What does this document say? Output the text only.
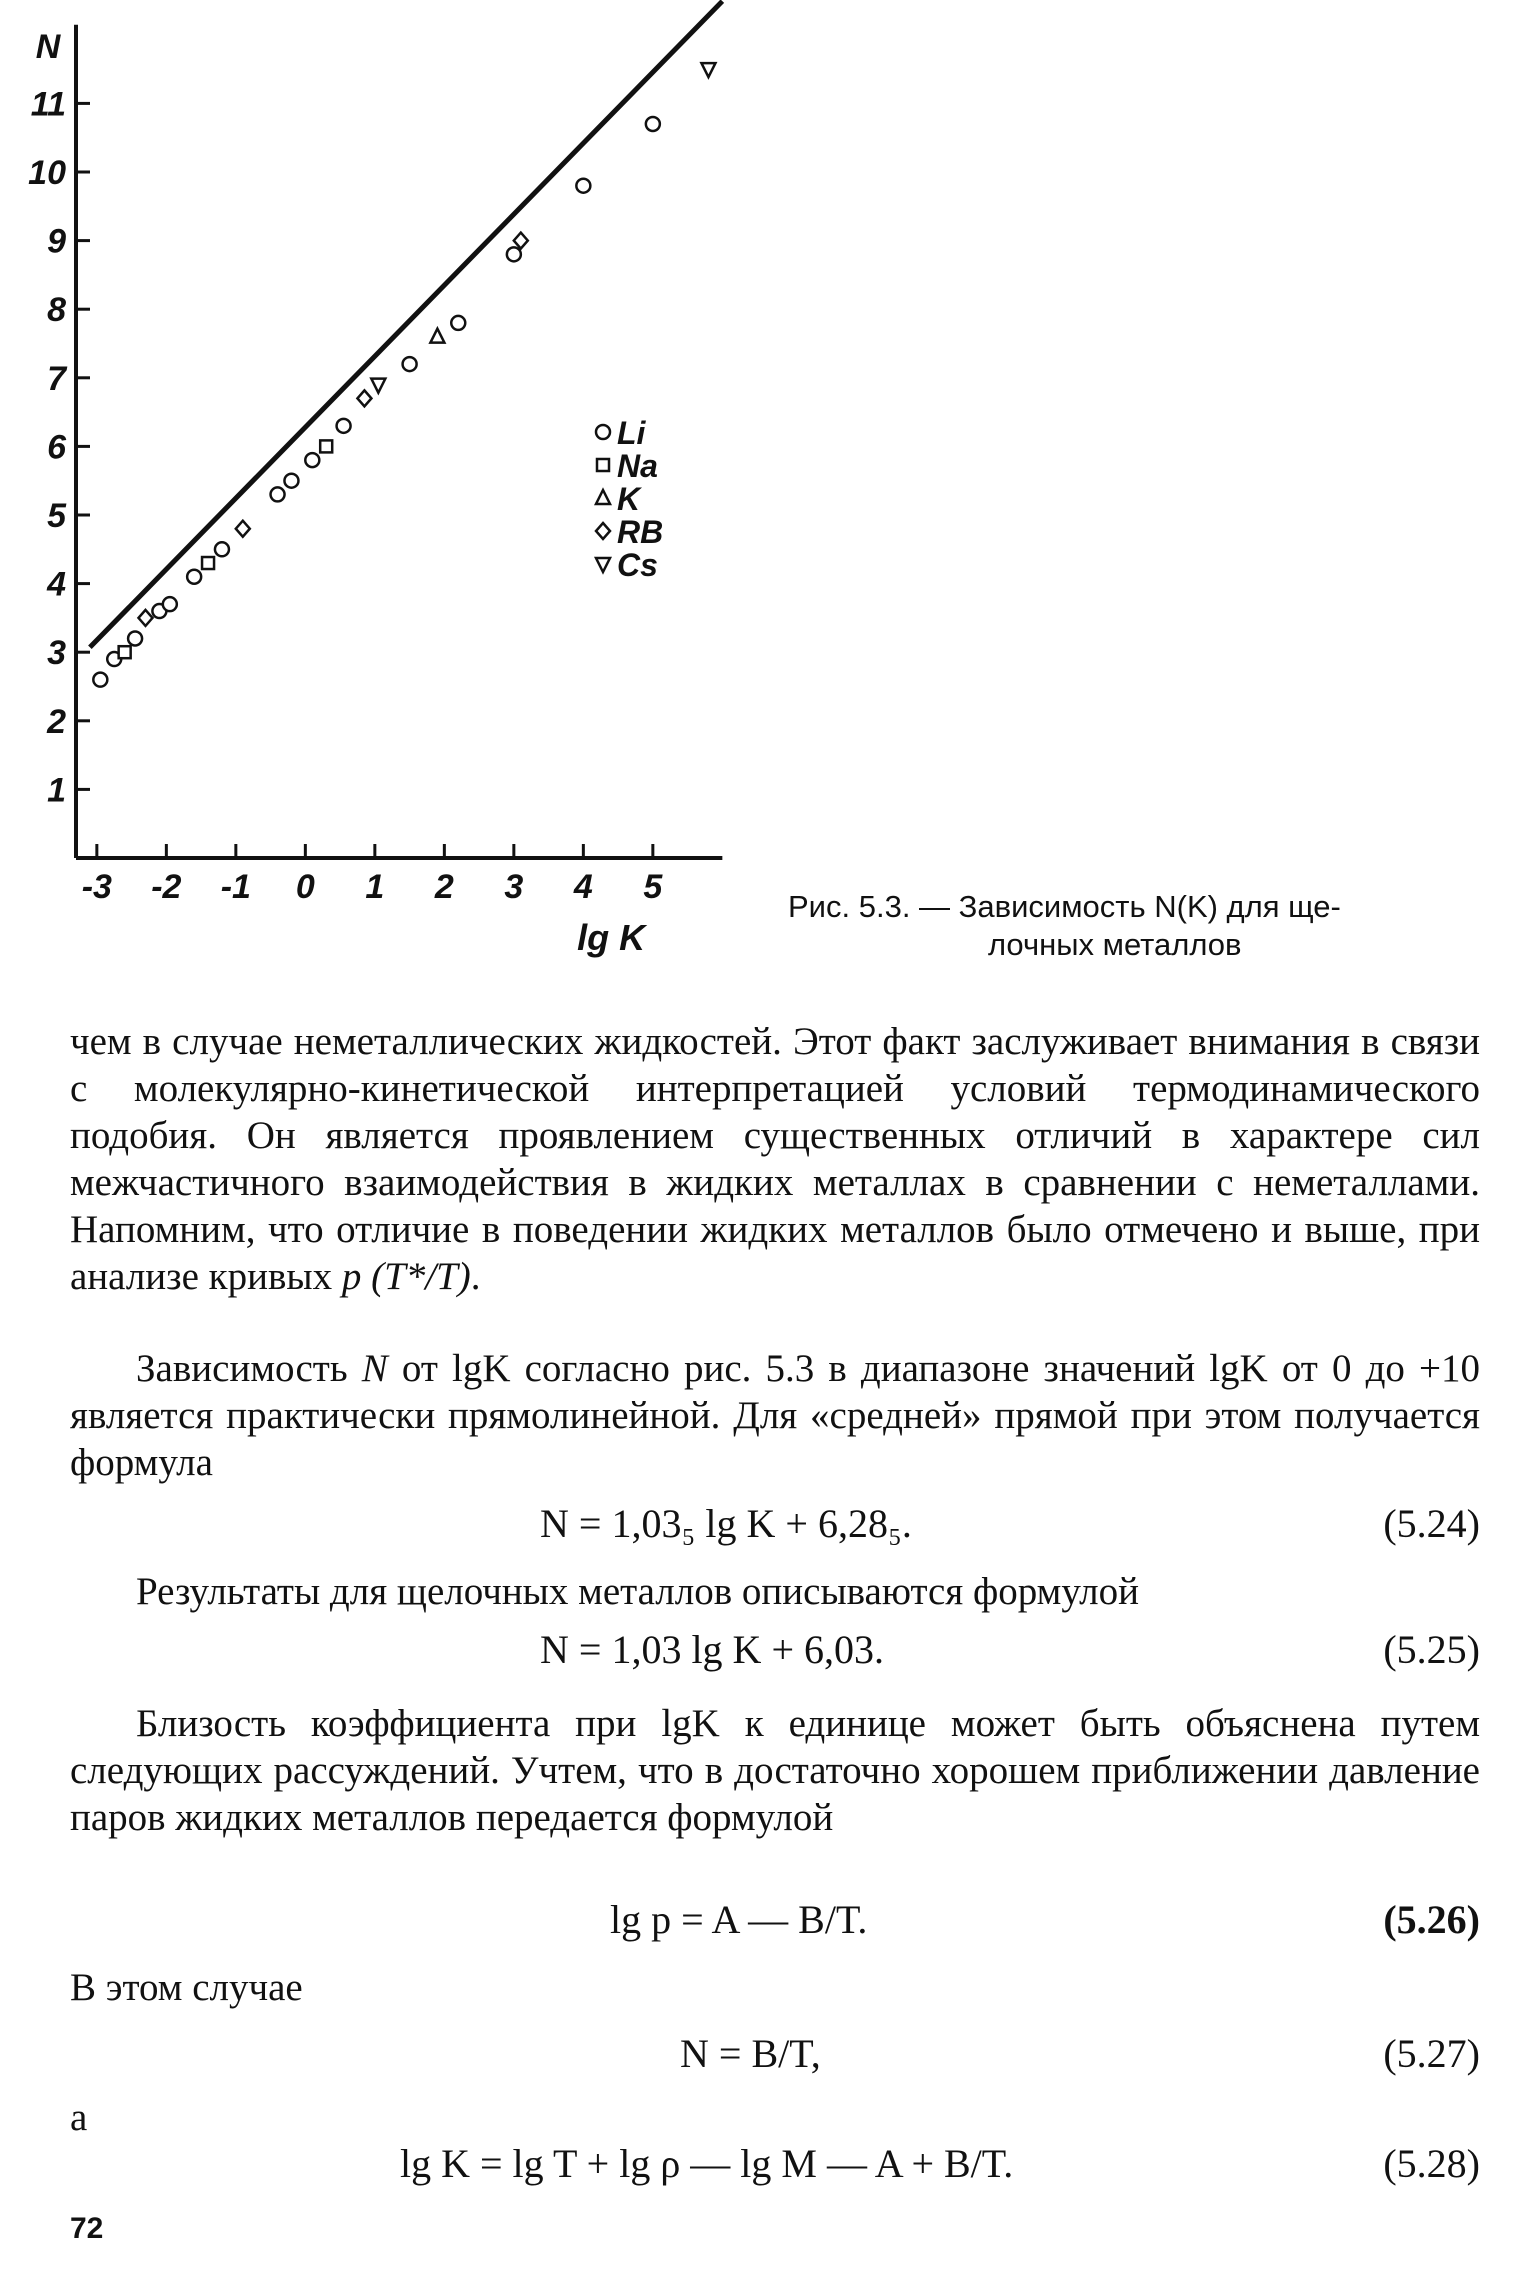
1
2
3
4
5
6
7
8
9
10
11
-3 -2 -1 0 1 2 3 4 5
N
lg K
Li
Na
K
RB
Cs
Рис. 5.3. — Зависимость N(K) для ще-
лочных металлов

чем в случае неметаллических жидкостей. Этот факт заслуживает внимания в связи с молекулярно-кинетической интерпретацией условий термодинамического подобия. Он является проявлением существенных отличий в характере сил межчастичного взаимодействия в жидких металлах в сравнении с неметаллами. Напомним, что отличие в поведении жидких металлов было отмечено и выше, при анализе кривых p (T*/T).

Зависимость N от lgK согласно рис. 5.3 в диапазоне значений lgK от 0 до +10 является практически прямолинейной. Для «средней» прямой при этом получается формула

N = 1,03₅ lg K + 6,28₅.	(5.24)

Результаты для щелочных металлов описываются формулой

N = 1,03 lg K + 6,03.	(5.25)

Близость коэффициента при lgK к единице может быть объяснена путем следующих рассуждений. Учтем, что в достаточно хорошем приближении давление паров жидких металлов передается формулой

lg p = A — B/T.	(5.26)
В этом случае
N = B/T,	(5.27)
а
lg K = lg T + lg ρ — lg M — A + B/T.	(5.28)
72
